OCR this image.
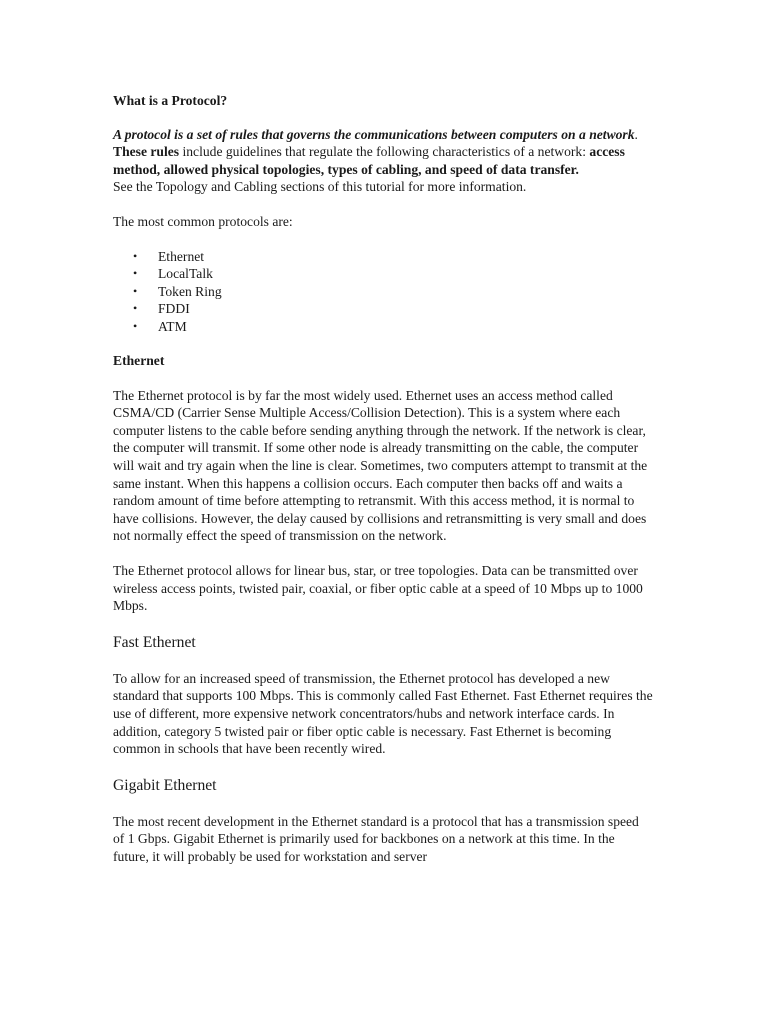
What is a Protocol?

A protocol is a set of rules that governs the communications between computers on a network. These rules include guidelines that regulate the following characteristics of a network: access method, allowed physical topologies, types of cabling, and speed of data transfer.

See the Topology and Cabling sections of this tutorial for more information.

The most common protocols are:

• Ethernet
• LocalTalk
• Token Ring
• FDDI
• ATM

Ethernet

The Ethernet protocol is by far the most widely used. Ethernet uses an access method called CSMA/CD (Carrier Sense Multiple Access/Collision Detection). This is a system where each computer listens to the cable before sending anything through the network. If the network is clear, the computer will transmit. If some other node is already transmitting on the cable, the computer will wait and try again when the line is clear. Sometimes, two computers attempt to transmit at the same instant. When this happens a collision occurs. Each computer then backs off and waits a random amount of time before attempting to retransmit. With this access method, it is normal to have collisions. However, the delay caused by collisions and retransmitting is very small and does not normally effect the speed of transmission on the network.

The Ethernet protocol allows for linear bus, star, or tree topologies. Data can be transmitted over wireless access points, twisted pair, coaxial, or fiber optic cable at a speed of 10 Mbps up to 1000 Mbps.

Fast Ethernet

To allow for an increased speed of transmission, the Ethernet protocol has developed a new standard that supports 100 Mbps. This is commonly called Fast Ethernet. Fast Ethernet requires the use of different, more expensive network concentrators/hubs and network interface cards. In addition, category 5 twisted pair or fiber optic cable is necessary. Fast Ethernet is becoming common in schools that have been recently wired.

Gigabit Ethernet

The most recent development in the Ethernet standard is a protocol that has a transmission speed of 1 Gbps. Gigabit Ethernet is primarily used for backbones on a network at this time. In the future, it will probably be used for workstation and server
